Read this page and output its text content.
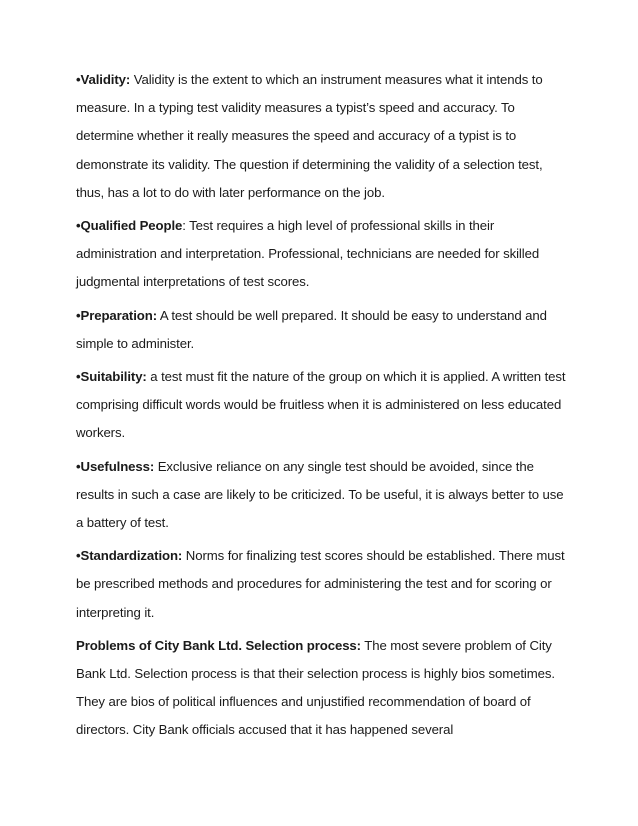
•Validity: Validity is the extent to which an instrument measures what it intends to measure. In a typing test validity measures a typist’s speed and accuracy. To determine whether it really measures the speed and accuracy of a typist is to demonstrate its validity. The question if determining the validity of a selection test, thus, has a lot to do with later performance on the job.

•Qualified People: Test requires a high level of professional skills in their administration and interpretation. Professional, technicians are needed for skilled judgmental interpretations of test scores.

•Preparation: A test should be well prepared. It should be easy to understand and simple to administer.

•Suitability: a test must fit the nature of the group on which it is applied. A written test comprising difficult words would be fruitless when it is administered on less educated workers.

•Usefulness: Exclusive reliance on any single test should be avoided, since the results in such a case are likely to be criticized. To be useful, it is always better to use a battery of test.

•Standardization: Norms for finalizing test scores should be established. There must be prescribed methods and procedures for administering the test and for scoring or interpreting it.

Problems of City Bank Ltd. Selection process: The most severe problem of City Bank Ltd. Selection process is that their selection process is highly bios sometimes. They are bios of political influences and unjustified recommendation of board of directors. City Bank officials accused that it has happened several
